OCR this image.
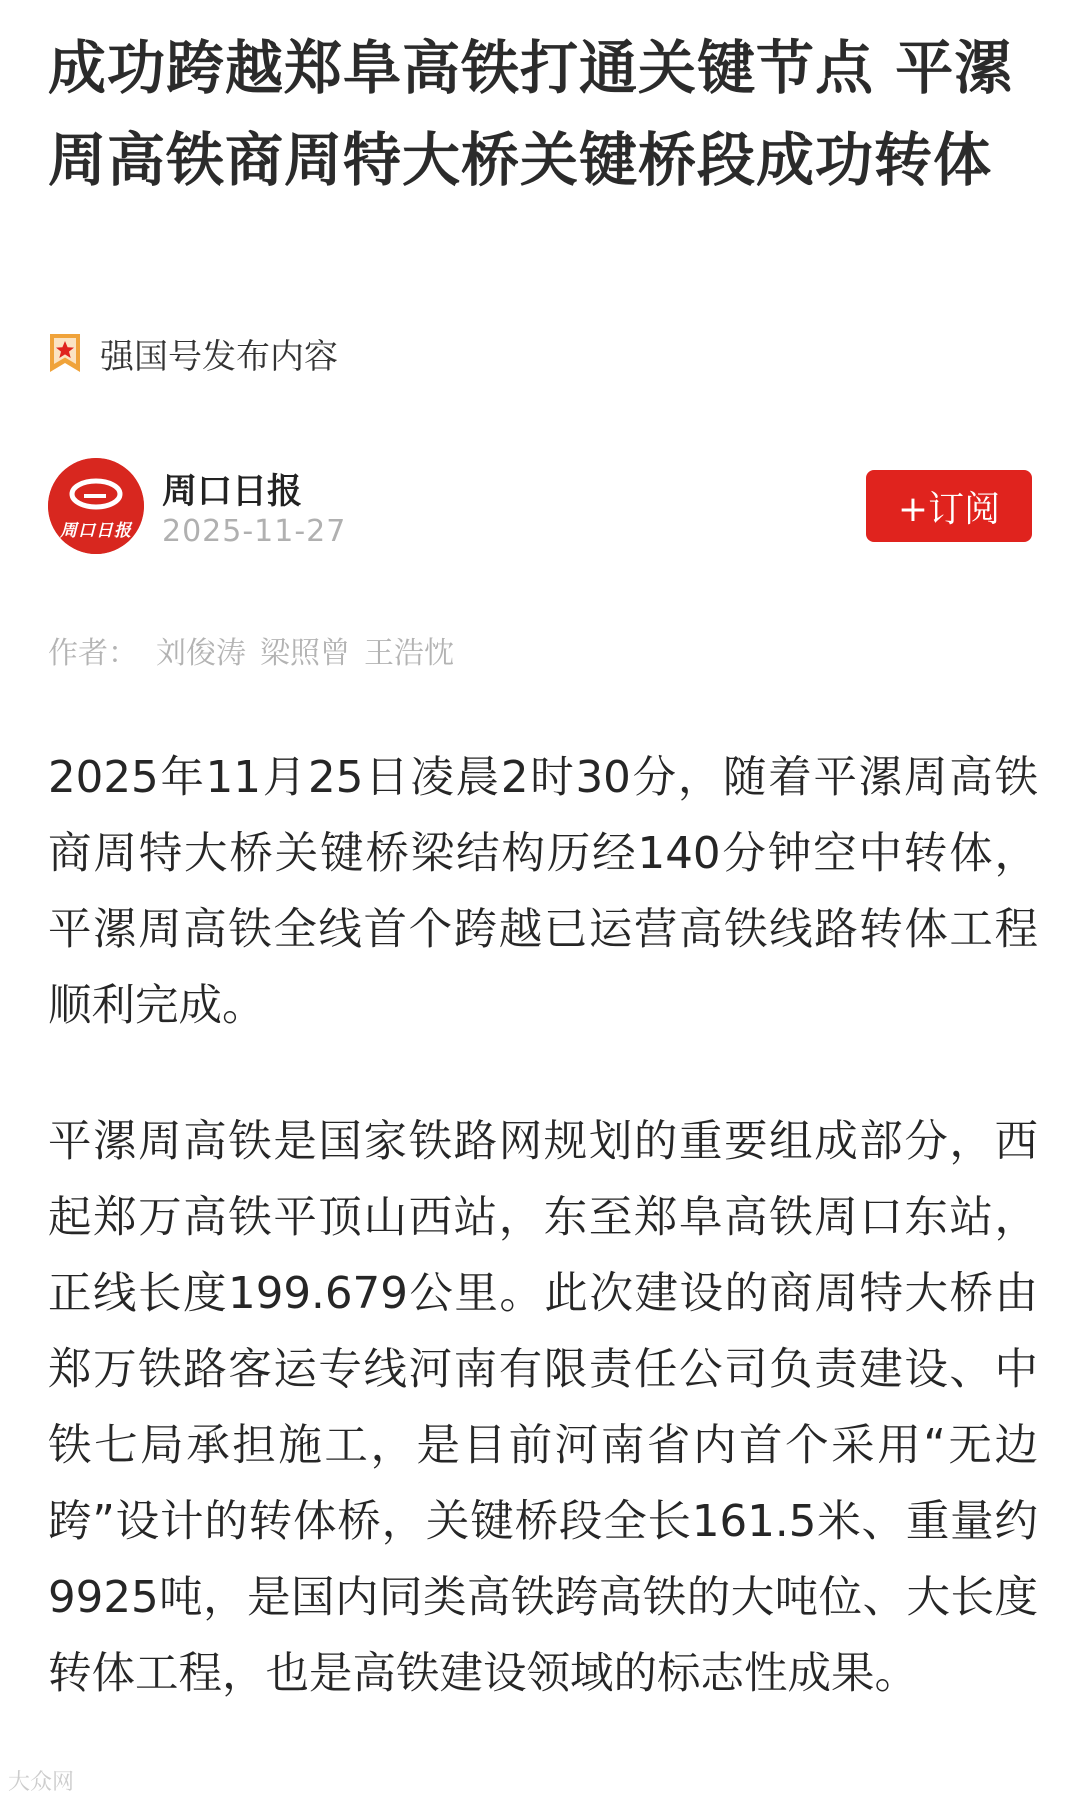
成功跨越郑阜高铁打通关键节点 平漯周高铁商周特大桥关键桥段成功转体
强国号发布内容
周口日报
周口日报
2025-11-27
+订阅
作者： 刘俊涛 梁照曾 王浩忱

2025年11月25日凌晨2时30分，随着平漯周高铁商周特大桥关键桥梁结构历经140分钟空中转体，平漯周高铁全线首个跨越已运营高铁线路转体工程顺利完成。

平漯周高铁是国家铁路网规划的重要组成部分，西起郑万高铁平顶山西站，东至郑阜高铁周口东站，正线长度199.679公里。此次建设的商周特大桥由郑万铁路客运专线河南有限责任公司负责建设、中铁七局承担施工，是目前河南省内首个采用“无边跨”设计的转体桥，关键桥段全长161.5米、重量约9925吨，是国内同类高铁跨高铁的大吨位、大长度转体工程，也是高铁建设领域的标志性成果。

大众网
